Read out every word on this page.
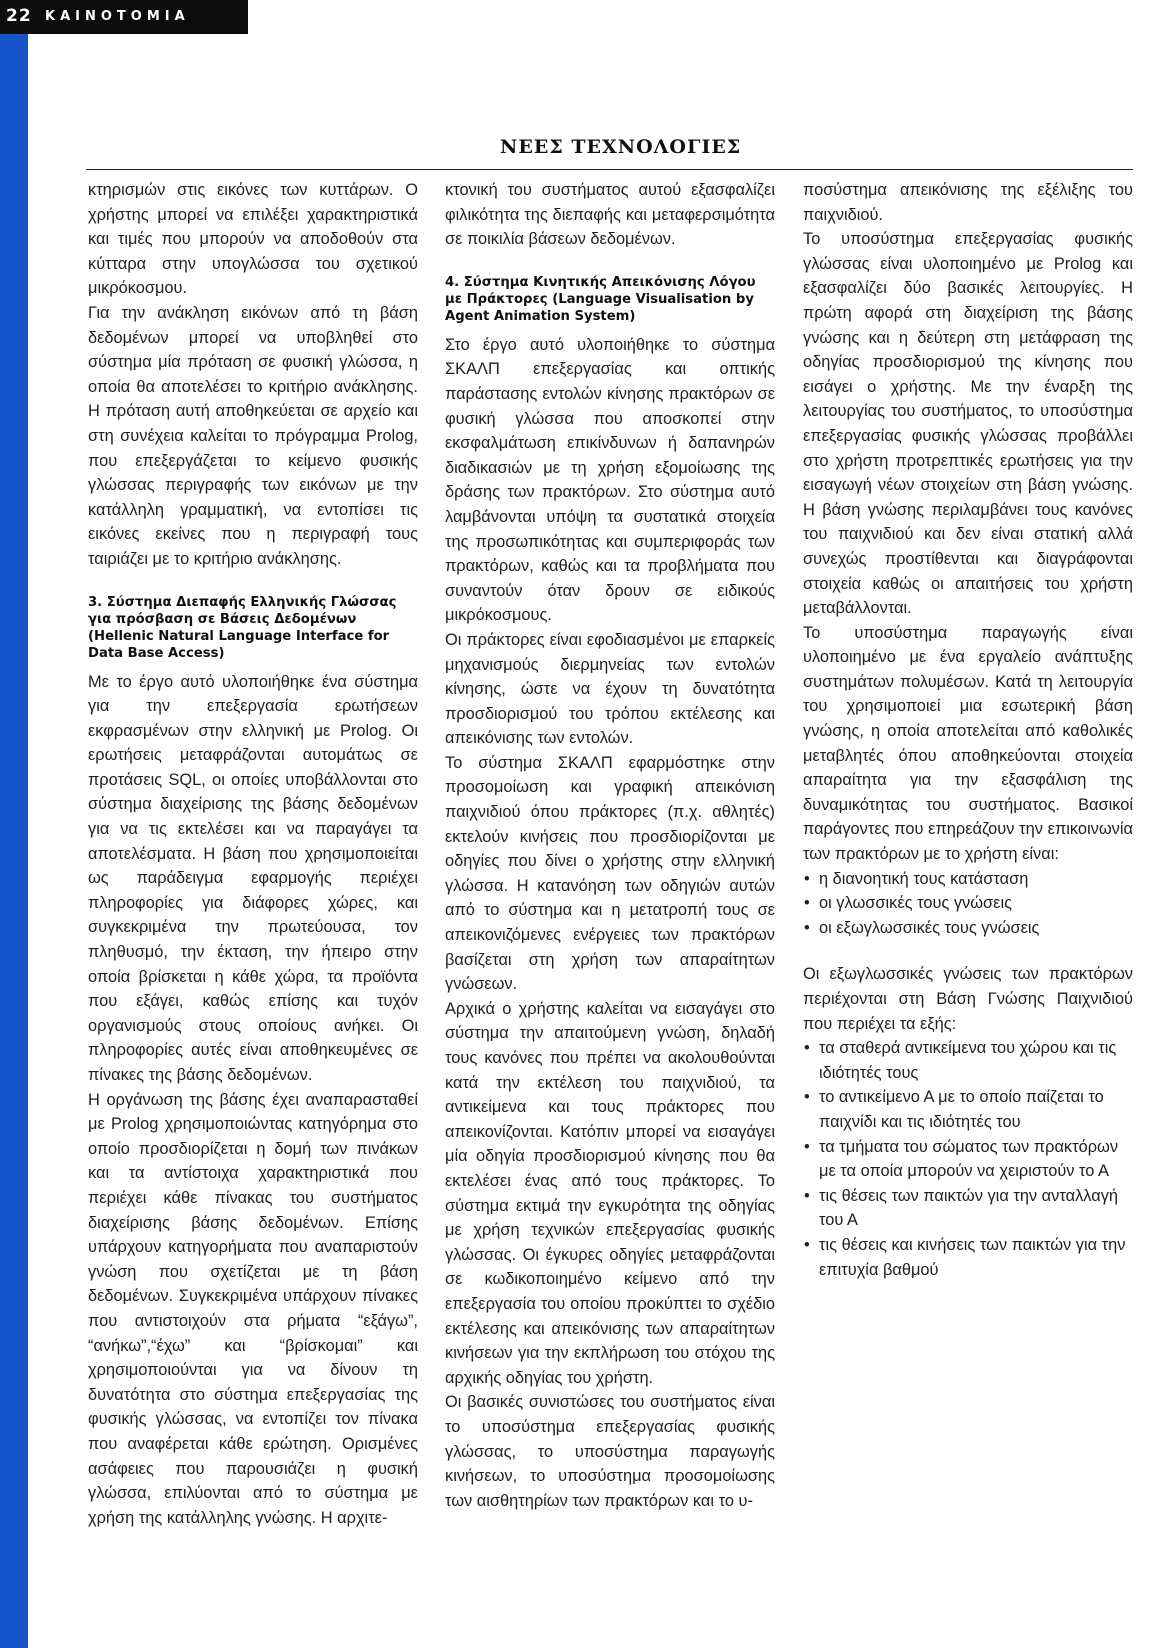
22 ΚΑΙΝΟΤΟΜΙΑ
ΝΕΕΣ ΤΕΧΝΟΛΟΓΙΕΣ

κτηρισμών στις εικόνες των κυττάρων. Ο χρήστης μπορεί να επιλέξει χαρακτηριστικά και τιμές που μπορούν να αποδοθούν στα κύτταρα στην υπογλώσσα του σχετικού μικρόκοσμου.

Για την ανάκληση εικόνων από τη βάση δεδομένων μπορεί να υποβληθεί στο σύστημα μία πρόταση σε φυσική γλώσσα, η οποία θα αποτελέσει το κριτήριο ανάκλησης. Η πρόταση αυτή αποθηκεύεται σε αρχείο και στη συνέχεια καλείται το πρόγραμμα Prolog, που επεξεργάζεται το κείμενο φυσικής γλώσσας περιγραφής των εικόνων με την κατάλληλη γραμματική, να εντοπίσει τις εικόνες εκείνες που η περιγραφή τους ταιριάζει με το κριτήριο ανάκλησης.

3. Σύστημα Διεπαφής Ελληνικής Γλώσσας για πρόσβαση σε Βάσεις Δεδομένων (Hellenic Natural Language Interface for Data Base Access)

Με το έργο αυτό υλοποιήθηκε ένα σύστημα για την επεξεργασία ερωτήσεων εκφρασμένων στην ελληνική με Prolog. Οι ερωτήσεις μεταφράζονται αυτομάτως σε προτάσεις SQL, οι οποίες υποβάλλονται στο σύστημα διαχείρισης της βάσης δεδομένων για να τις εκτελέσει και να παραγάγει τα αποτελέσματα. Η βάση που χρησιμοποιείται ως παράδειγμα εφαρμογής περιέχει πληροφορίες για διάφορες χώρες, και συγκεκριμένα την πρωτεύουσα, τον πληθυσμό, την έκταση, την ήπειρο στην οποία βρίσκεται η κάθε χώρα, τα προϊόντα που εξάγει, καθώς επίσης και τυχόν οργανισμούς στους οποίους ανήκει. Οι πληροφορίες αυτές είναι αποθηκευμένες σε πίνακες της βάσης δεδομένων.

Η οργάνωση της βάσης έχει αναπαρασταθεί με Prolog χρησιμοποιώντας κατηγόρημα στο οποίο προσδιορίζεται η δομή των πινάκων και τα αντίστοιχα χαρακτηριστικά που περιέχει κάθε πίνακας του συστήματος διαχείρισης βάσης δεδομένων. Επίσης υπάρχουν κατηγορήματα που αναπαριστούν γνώση που σχετίζεται με τη βάση δεδομένων. Συγκεκριμένα υπάρχουν πίνακες που αντιστοιχούν στα ρήματα “εξάγω”, “ανήκω”,“έχω” και “βρίσκομαι” και χρησιμοποιούνται για να δίνουν τη δυνατότητα στο σύστημα επεξεργασίας της φυσικής γλώσσας, να εντοπίζει τον πίνακα που αναφέρεται κάθε ερώτηση. Ορισμένες ασάφειες που παρουσιάζει η φυσική γλώσσα, επιλύονται από το σύστημα με χρήση της κατάλληλης γνώσης. Η αρχιτε-

κτονική του συστήματος αυτού εξασφαλίζει φιλικότητα της διεπαφής και μεταφερσιμότητα σε ποικιλία βάσεων δεδομένων.

4. Σύστημα Κινητικής Απεικόνισης Λόγου με Πράκτορες (Language Visualisation by Agent Animation System)

Στο έργο αυτό υλοποιήθηκε το σύστημα ΣΚΑΛΠ επεξεργασίας και οπτικής παράστασης εντολών κίνησης πρακτόρων σε φυσική γλώσσα που αποσκοπεί στην εκσφαλμάτωση επικίνδυνων ή δαπανηρών διαδικασιών με τη χρήση εξομοίωσης της δράσης των πρακτόρων. Στο σύστημα αυτό λαμβάνονται υπόψη τα συστατικά στοιχεία της προσωπικότητας και συμπεριφοράς των πρακτόρων, καθώς και τα προβλήματα που συναντούν όταν δρουν σε ειδικούς μικρόκοσμους.

Οι πράκτορες είναι εφοδιασμένοι με επαρκείς μηχανισμούς διερμηνείας των εντολών κίνησης, ώστε να έχουν τη δυνατότητα προσδιορισμού του τρόπου εκτέλεσης και απεικόνισης των εντολών.

Το σύστημα ΣΚΑΛΠ εφαρμόστηκε στην προσομοίωση και γραφική απεικόνιση παιχνιδιού όπου πράκτορες (π.χ. αθλητές) εκτελούν κινήσεις που προσδιορίζονται με οδηγίες που δίνει ο χρήστης στην ελληνική γλώσσα. Η κατανόηση των οδηγιών αυτών από το σύστημα και η μετατροπή τους σε απεικονιζόμενες ενέργειες των πρακτόρων βασίζεται στη χρήση των απαραίτητων γνώσεων.

Αρχικά ο χρήστης καλείται να εισαγάγει στο σύστημα την απαιτούμενη γνώση, δηλαδή τους κανόνες που πρέπει να ακολουθούνται κατά την εκτέλεση του παιχνιδιού, τα αντικείμενα και τους πράκτορες που απεικονίζονται. Κατόπιν μπορεί να εισαγάγει μία οδηγία προσδιορισμού κίνησης που θα εκτελέσει ένας από τους πράκτορες. Το σύστημα εκτιμά την εγκυρότητα της οδηγίας με χρήση τεχνικών επεξεργασίας φυσικής γλώσσας. Οι έγκυρες οδηγίες μεταφράζονται σε κωδικοποιημένο κείμενο από την επεξεργασία του οποίου προκύπτει το σχέδιο εκτέλεσης και απεικόνισης των απαραίτητων κινήσεων για την εκπλήρωση του στόχου της αρχικής οδηγίας του χρήστη.

Οι βασικές συνιστώσες του συστήματος είναι το υποσύστημα επεξεργασίας φυσικής γλώσσας, το υποσύστημα παραγωγής κινήσεων, το υποσύστημα προσομοίωσης των αισθητηρίων των πρακτόρων και το υ-

ποσύστημα απεικόνισης της εξέλιξης του παιχνιδιού.

Το υποσύστημα επεξεργασίας φυσικής γλώσσας είναι υλοποιημένο με Prolog και εξασφαλίζει δύο βασικές λειτουργίες. Η πρώτη αφορά στη διαχείριση της βάσης γνώσης και η δεύτερη στη μετάφραση της οδηγίας προσδιορισμού της κίνησης που εισάγει ο χρήστης. Με την έναρξη της λειτουργίας του συστήματος, το υποσύστημα επεξεργασίας φυσικής γλώσσας προβάλλει στο χρήστη προτρεπτικές ερωτήσεις για την εισαγωγή νέων στοιχείων στη βάση γνώσης. Η βάση γνώσης περιλαμβάνει τους κανόνες του παιχνιδιού και δεν είναι στατική αλλά συνεχώς προστίθενται και διαγράφονται στοιχεία καθώς οι απαιτήσεις του χρήστη μεταβάλλονται.

Το υποσύστημα παραγωγής είναι υλοποιημένο με ένα εργαλείο ανάπτυξης συστημάτων πολυμέσων. Κατά τη λειτουργία του χρησιμοποιεί μια εσωτερική βάση γνώσης, η οποία αποτελείται από καθολικές μεταβλητές όπου αποθηκεύονται στοιχεία απαραίτητα για την εξασφάλιση της δυναμικότητας του συστήματος. Βασικοί παράγοντες που επηρεάζουν την επικοινωνία των πρακτόρων με το χρήστη είναι:

• η διανοητική τους κατάσταση
• οι γλωσσικές τους γνώσεις
• οι εξωγλωσσικές τους γνώσεις

Οι εξωγλωσσικές γνώσεις των πρακτόρων περιέχονται στη Βάση Γνώσης Παιχνιδιού που περιέχει τα εξής:

• τα σταθερά αντικείμενα του χώρου και τις ιδιότητές τους
• το αντικείμενο Α με το οποίο παίζεται το παιχνίδι και τις ιδιότητές του
• τα τμήματα του σώματος των πρακτόρων με τα οποία μπορούν να χειριστούν το Α
• τις θέσεις των παικτών για την ανταλλαγή του Α
• τις θέσεις και κινήσεις των παικτών για την επιτυχία βαθμού
